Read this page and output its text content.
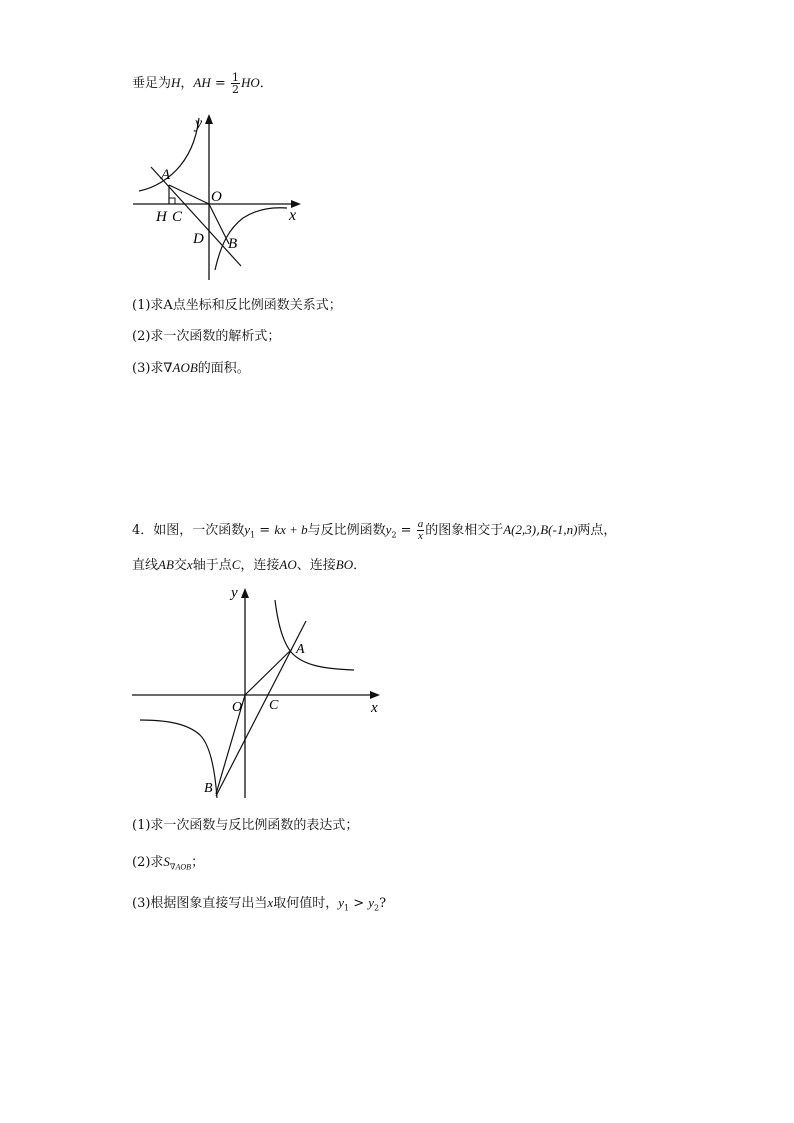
垂足为H，AH = $\frac{1}{2}$ HO．
y
x
A
O
H C
D B
(1)求A点坐标和反比例函数关系式；
(2)求一次函数的解析式；
(3)求∇AOB的面积。
4．如图，一次函数$y_1$ = kx + b与反比例函数$y_2 = \frac{a}{x}$ 的图象相交于A(2,3),B(-1,n)两点，
直线AB交x轴于点C，连接AO、连接BO．
y
x
O C
A
B
(1)求一次函数与反比例函数的表达式；
(2)求$S_{\nabla AOB}$；
(3)根据图象直接写出当x取何值时，$y_1 > y_2$?
